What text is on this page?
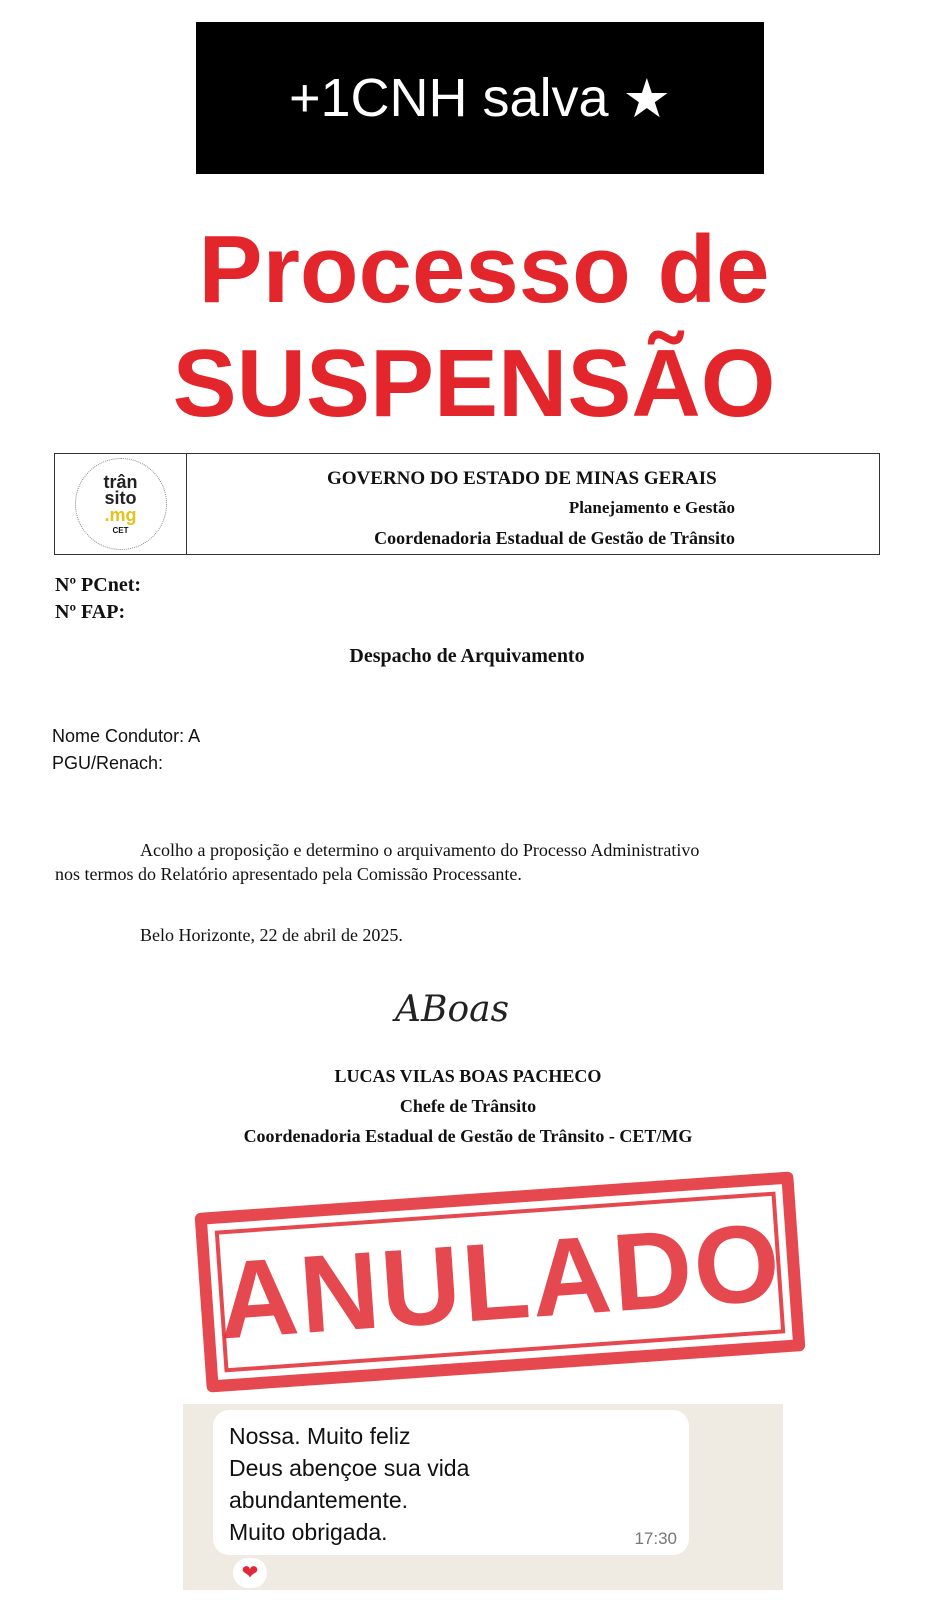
+1CNH salva ★
Processo de
SUSPENSÃO
trân
sito
.mg
CET
GOVERNO DO ESTADO DE MINAS GERAIS
Planejamento e Gestão
Coordenadoria Estadual de Gestão de Trânsito
Nº PCnet:
Nº FAP:
Despacho de Arquivamento
Nome Condutor: A
PGU/Renach:
Acolho a proposição e determino o arquivamento do Processo Administrativo
nos termos do Relatório apresentado pela Comissão Processante.
Belo Horizonte, 22 de abril de 2025.
ABoas
LUCAS VILAS BOAS PACHECO
Chefe de Trânsito
Coordenadoria Estadual de Gestão de Trânsito - CET/MG
ANULADO
Nossa. Muito feliz
Deus abençoe sua vida
abundantemente.
Muito obrigada.	17:30
❤
